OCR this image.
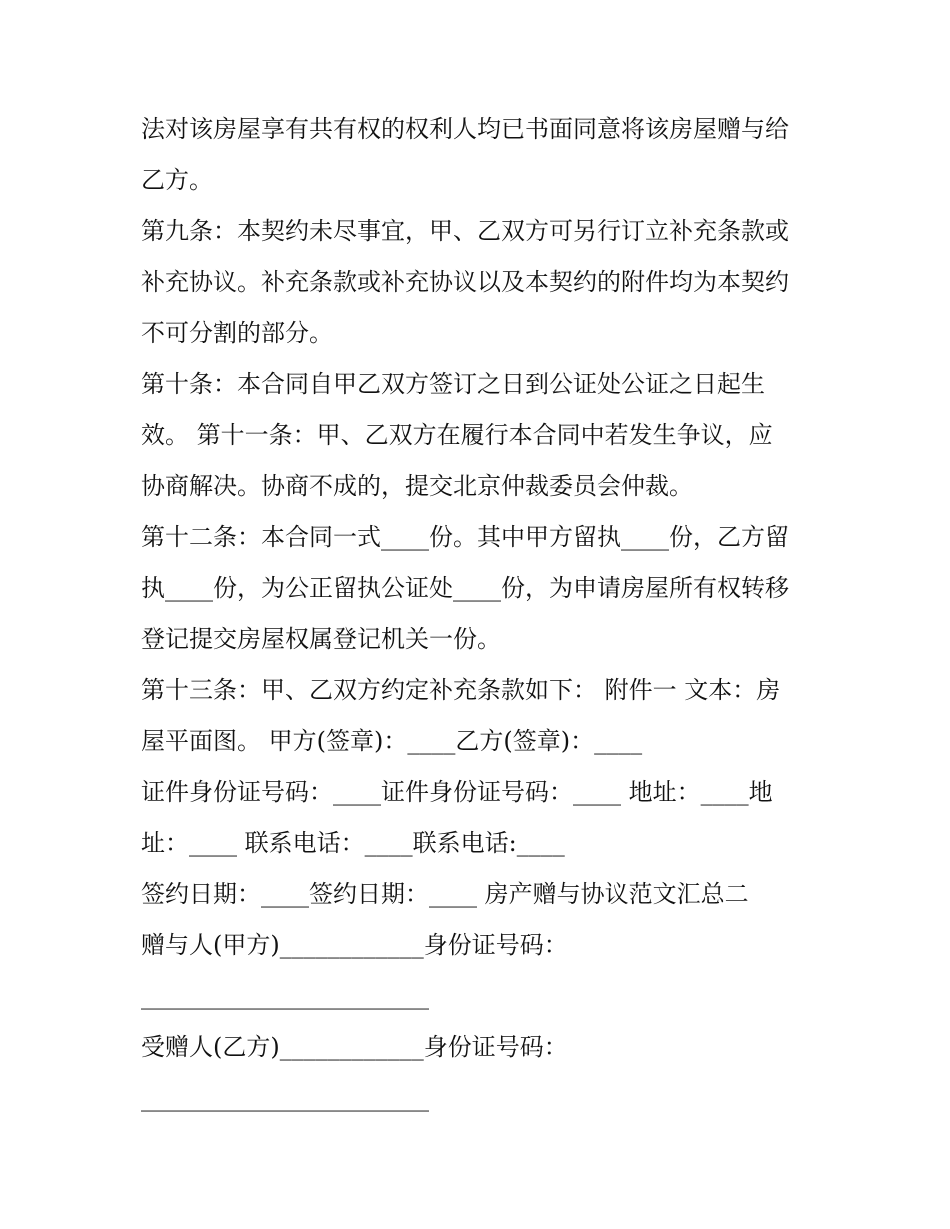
法对该房屋享有共有权的权利人均已书面同意将该房屋赠与给
乙方。
第九条：本契约未尽事宜，甲、乙双方可另行订立补充条款或
补充协议。补充条款或补充协议以及本契约的附件均为本契约
不可分割的部分。
第十条：本合同自甲乙双方签订之日到公证处公证之日起生
效。 第十一条：甲、乙双方在履行本合同中若发生争议，应
协商解决。协商不成的，提交北京仲裁委员会仲裁。
第十二条：本合同一式____份。其中甲方留执____份，乙方留
执____份，为公正留执公证处____份，为申请房屋所有权转移
登记提交房屋权属登记机关一份。
第十三条：甲、乙双方约定补充条款如下： 附件一 文本：房
屋平面图。 甲方(签章)：____乙方(签章)：____
证件身份证号码：____证件身份证号码：____ 地址：____地
址：____ 联系电话：____联系电话:____
签约日期：____签约日期：____ 房产赠与协议范文汇总二
赠与人(甲方)____________身份证号码：
________________________
受赠人(乙方)____________身份证号码：
________________________
